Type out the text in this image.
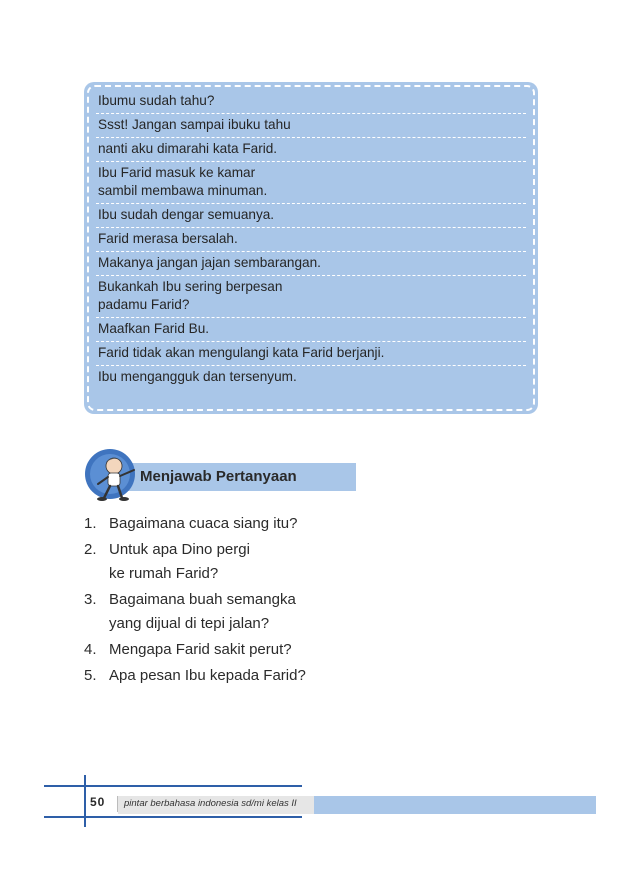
Ibumu sudah tahu?
Ssst! Jangan sampai ibuku tahu
nanti aku dimarahi kata Farid.
Ibu Farid masuk ke kamar
sambil membawa minuman.
Ibu sudah dengar semuanya.
Farid merasa bersalah.
Makanya jangan jajan sembarangan.
Bukankah Ibu sering berpesan
padamu Farid?
Maafkan Farid Bu.
Farid tidak akan mengulangi kata Farid berjanji.
Ibu mengangguk dan tersenyum.
Menjawab Pertanyaan
1. Bagaimana cuaca siang itu?
2. Untuk apa Dino pergi
ke rumah Farid?
3. Bagaimana buah semangka
yang dijual di tepi jalan?
4. Mengapa Farid sakit perut?
5. Apa pesan Ibu kepada Farid?
50 pintar berbahasa indonesia sd/mi kelas II
